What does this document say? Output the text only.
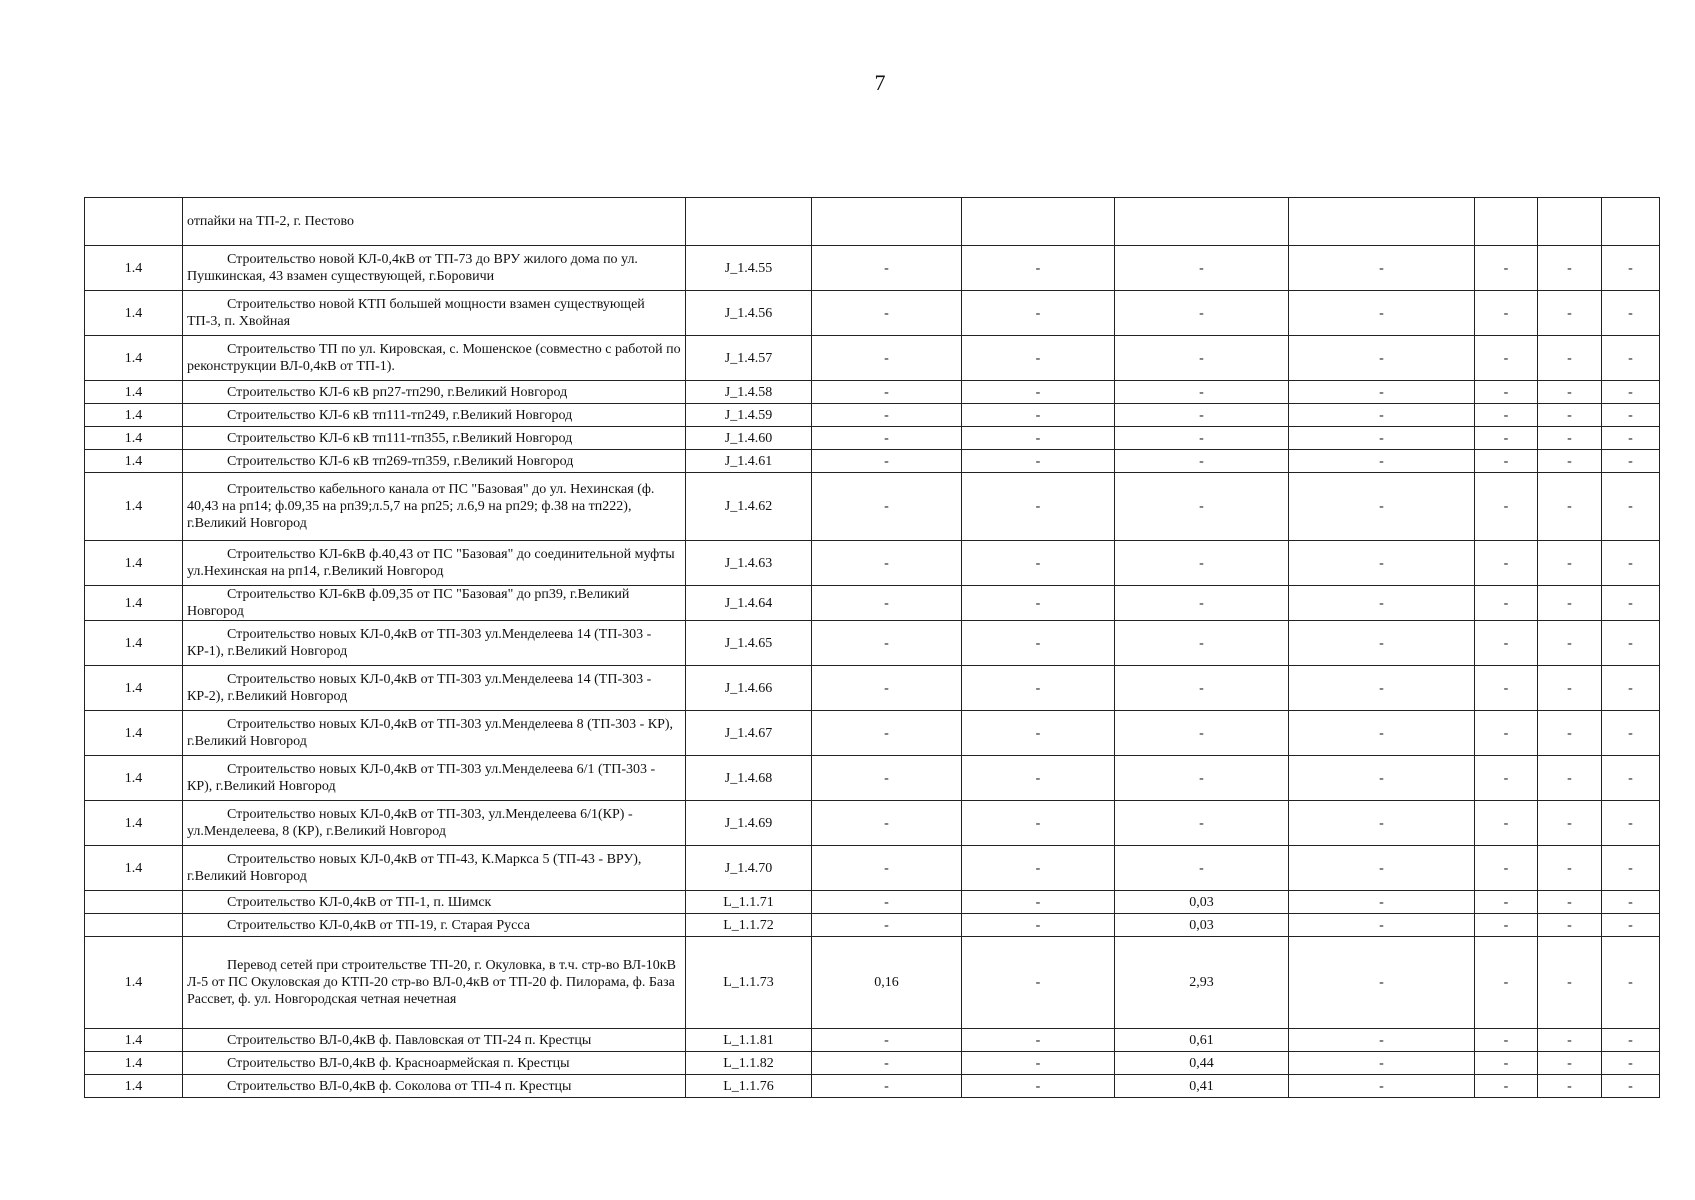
7
	отпайки на ТП-2, г. Пестово								
1.4	Строительство новой КЛ-0,4кВ от ТП-73 до ВРУ жилого дома по ул. Пушкинская, 43 взамен существующей, г.Боровичи	J_1.4.55	-	-	-	-	-	-	-
1.4	Строительство новой КТП большей мощности взамен существующей ТП-3, п. Хвойная	J_1.4.56	-	-	-	-	-	-	-
1.4	Строительство ТП по ул. Кировская, с. Мошенское (совместно с работой по реконструкции ВЛ-0,4кВ от ТП-1).	J_1.4.57	-	-	-	-	-	-	-
1.4	Строительство КЛ-6 кВ рп27-тп290, г.Великий Новгород	J_1.4.58	-	-	-	-	-	-	-
1.4	Строительство КЛ-6 кВ тп111-тп249, г.Великий Новгород	J_1.4.59	-	-	-	-	-	-	-
1.4	Строительство КЛ-6 кВ тп111-тп355, г.Великий Новгород	J_1.4.60	-	-	-	-	-	-	-
1.4	Строительство КЛ-6 кВ тп269-тп359, г.Великий Новгород	J_1.4.61	-	-	-	-	-	-	-
1.4	Строительство кабельного канала от ПС "Базовая" до ул. Нехинская (ф. 40,43 на рп14; ф.09,35 на рп39;л.5,7 на рп25; л.6,9 на рп29; ф.38 на тп222), г.Великий Новгород	J_1.4.62	-	-	-	-	-	-	-
1.4	Строительство КЛ-6кВ ф.40,43 от ПС "Базовая" до соединительной муфты ул.Нехинская на рп14, г.Великий Новгород	J_1.4.63	-	-	-	-	-	-	-
1.4	Строительство КЛ-6кВ ф.09,35 от ПС "Базовая" до рп39, г.Великий Новгород	J_1.4.64	-	-	-	-	-	-	-
1.4	Строительство новых КЛ-0,4кВ от ТП-303 ул.Менделеева 14 (ТП-303 - КР-1), г.Великий Новгород	J_1.4.65	-	-	-	-	-	-	-
1.4	Строительство новых КЛ-0,4кВ от ТП-303 ул.Менделеева 14 (ТП-303 - КР-2), г.Великий Новгород	J_1.4.66	-	-	-	-	-	-	-
1.4	Строительство новых КЛ-0,4кВ от ТП-303 ул.Менделеева 8 (ТП-303 - КР), г.Великий Новгород	J_1.4.67	-	-	-	-	-	-	-
1.4	Строительство новых КЛ-0,4кВ от ТП-303 ул.Менделеева 6/1 (ТП-303 - КР), г.Великий Новгород	J_1.4.68	-	-	-	-	-	-	-
1.4	Строительство новых КЛ-0,4кВ от ТП-303, ул.Менделеева 6/1(КР) - ул.Менделеева, 8 (КР), г.Великий Новгород	J_1.4.69	-	-	-	-	-	-	-
1.4	Строительство новых КЛ-0,4кВ от ТП-43, К.Маркса 5 (ТП-43 - ВРУ), г.Великий Новгород	J_1.4.70	-	-	-	-	-	-	-
	Строительство КЛ-0,4кВ от ТП-1, п. Шимск	L_1.1.71	-	-	0,03	-	-	-	-
	Строительство КЛ-0,4кВ от ТП-19, г. Старая Русса	L_1.1.72	-	-	0,03	-	-	-	-
1.4	Перевод сетей при строительстве ТП-20, г. Окуловка, в т.ч. стр-во ВЛ-10кВ Л-5 от ПС Окуловская до КТП-20 стр-во ВЛ-0,4кВ от ТП-20 ф. Пилорама, ф. База Рассвет, ф. ул. Новгородская четная нечетная	L_1.1.73	0,16	-	2,93	-	-	-	-
1.4	Строительство ВЛ-0,4кВ ф. Павловская от ТП-24 п. Крестцы	L_1.1.81	-	-	0,61	-	-	-	-
1.4	Строительство ВЛ-0,4кВ ф. Красноармейская п. Крестцы	L_1.1.82	-	-	0,44	-	-	-	-
1.4	Строительство ВЛ-0,4кВ ф. Соколова от ТП-4 п. Крестцы	L_1.1.76	-	-	0,41	-	-	-	-
